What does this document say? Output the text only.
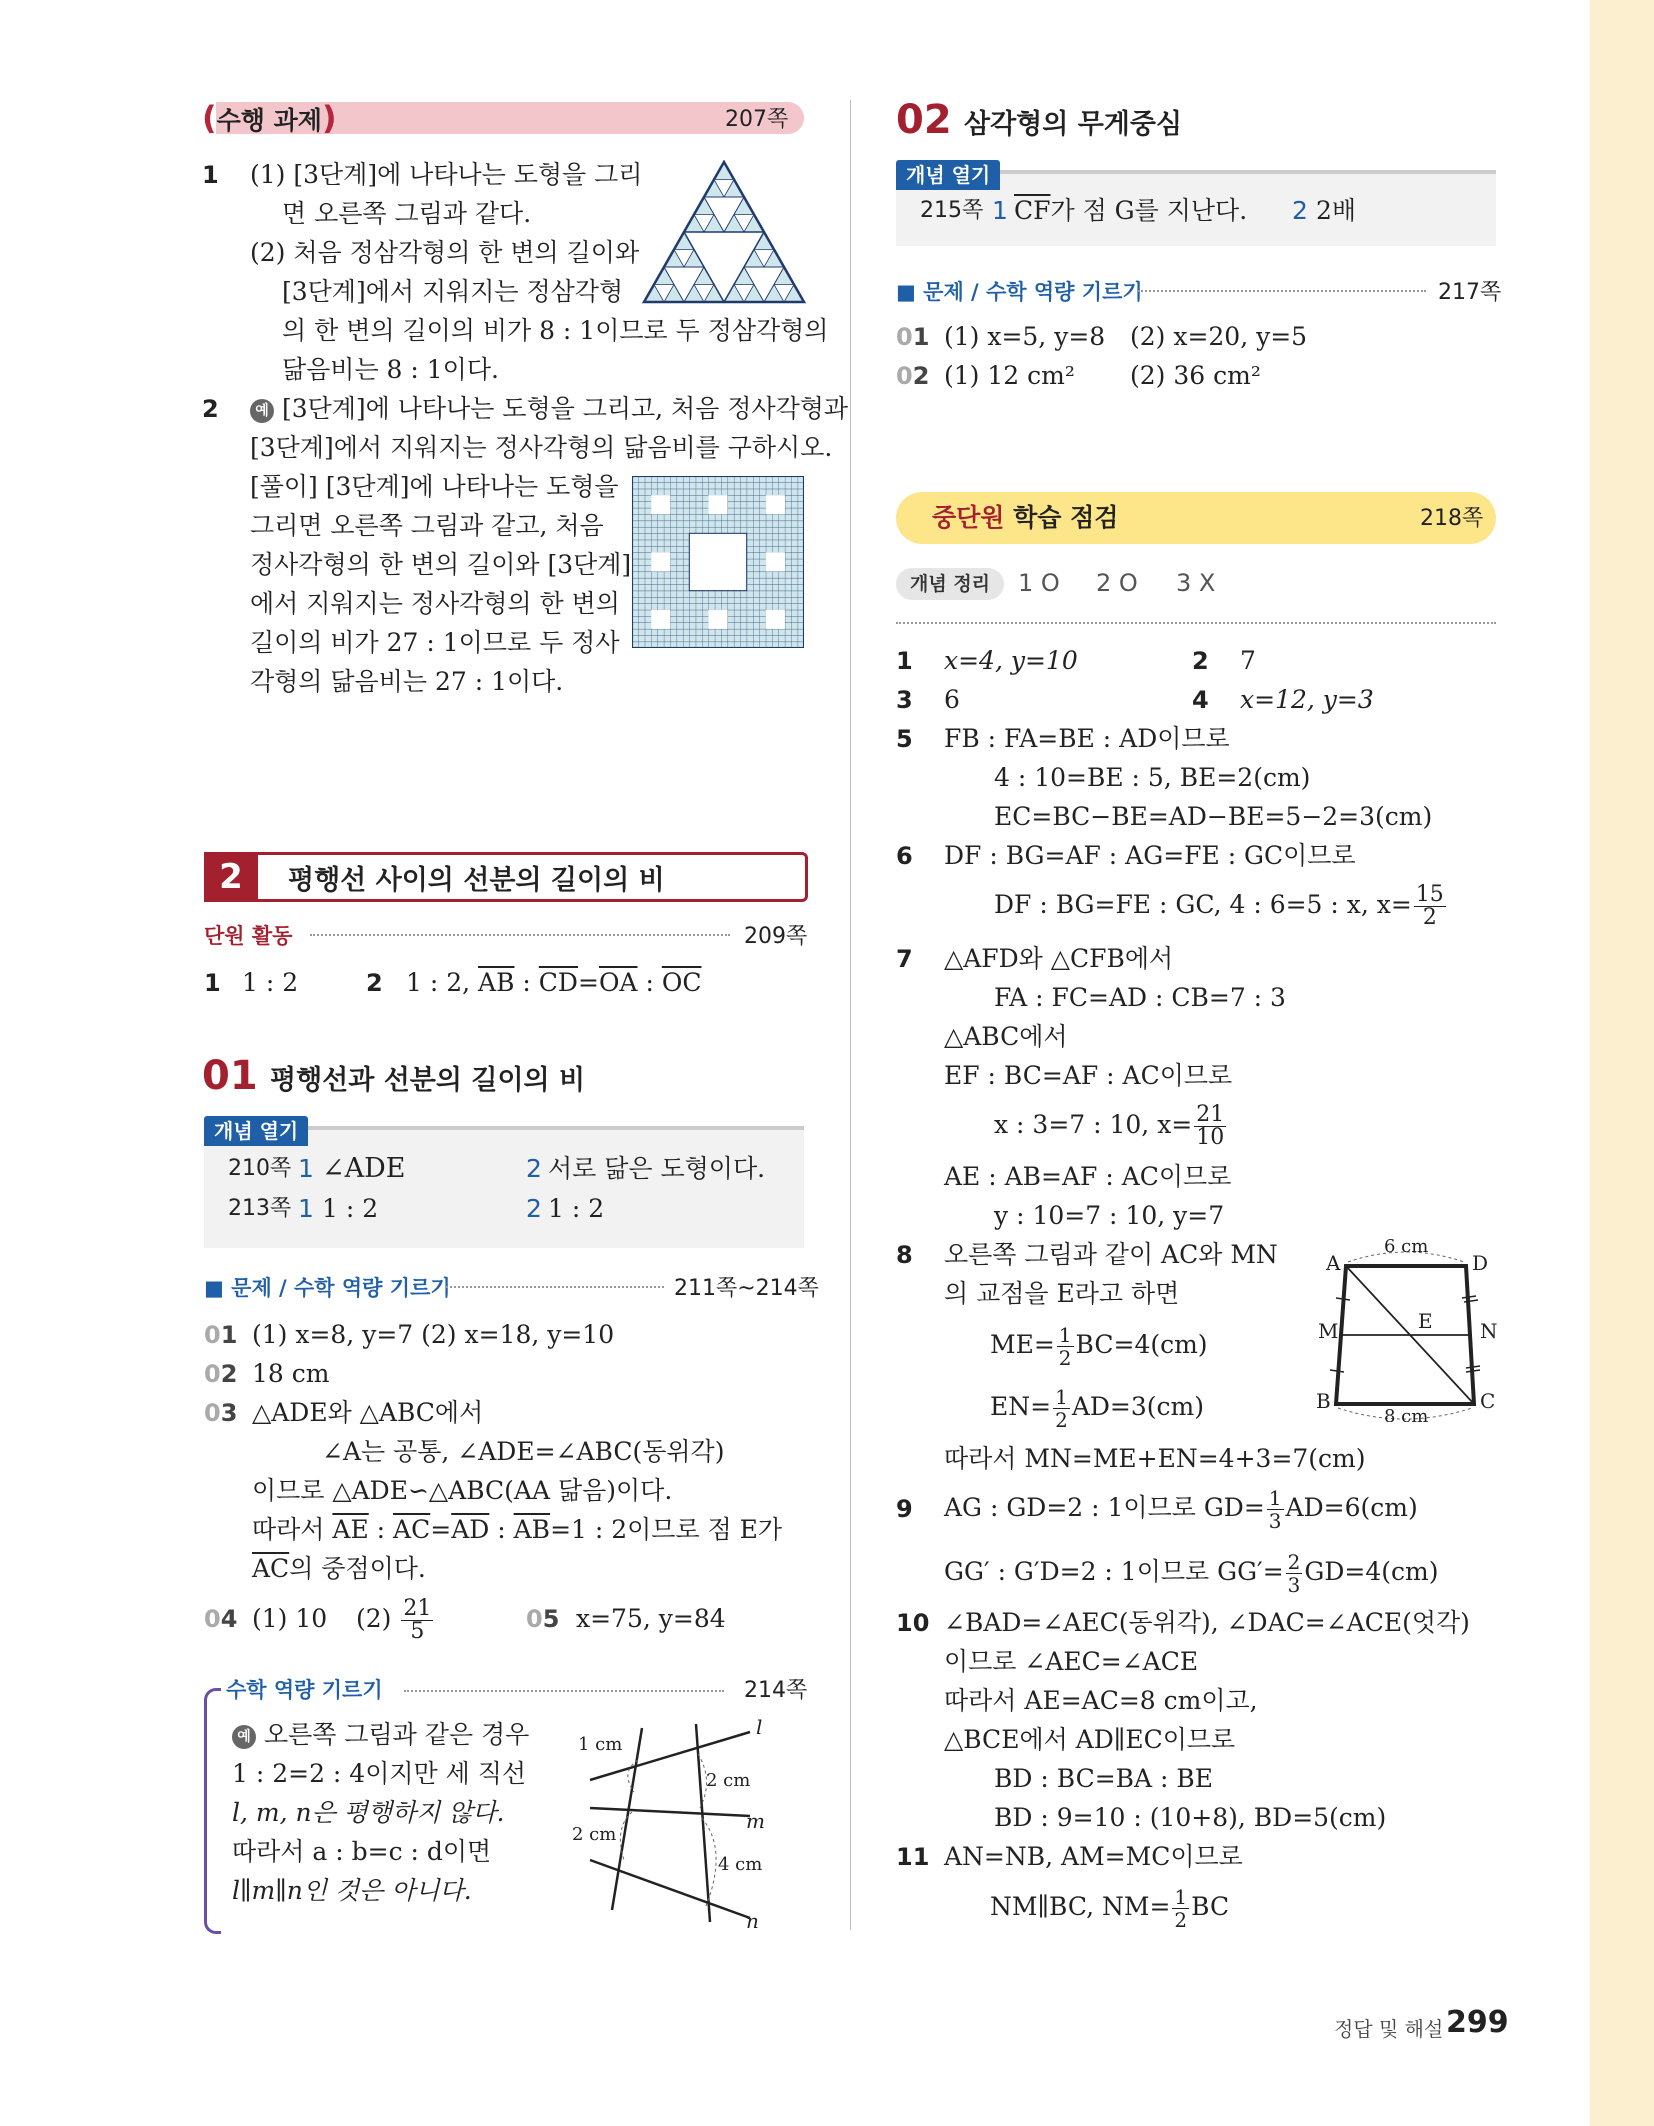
(수행 과제)	207쪽
1 (1) [3단계]에 나타나는 도형을 그리
면 오른쪽 그림과 같다.
(2) 처음 정삼각형의 한 변의 길이와
[3단계]에서 지워지는 정삼각형
의 한 변의 길이의 비가 8 : 1이므로 두 정삼각형의
닮음비는 8 : 1이다.
2	예 [3단계]에 나타나는 도형을 그리고, 처음 정사각형과
[3단계]에서 지워지는 정사각형의 닮음비를 구하시오.
[풀이] [3단계]에 나타나는 도형을
그리면 오른쪽 그림과 같고, 처음
정사각형의 한 변의 길이와 [3단계]
에서 지워지는 정사각형의 한 변의
길이의 비가 27 : 1이므로 두 정사
각형의 닮음비는 27 : 1이다.
2	평행선 사이의 선분의 길이의 비
단원 활동	209쪽
1 1 : 2	2 1 : 2, $\overline{AB}$ : $\overline{CD}=\overline{OA}$ : $\overline{OC}$
01 평행선과 선분의 길이의 비
개념 열기
210쪽 1 ∠ADE	2 서로 닮은 도형이다.
213쪽 1 1 : 2	2 1 : 2
■ 문제 / 수학 역량 기르기	211쪽~214쪽
01 (1) x=8, y=7 (2) x=18, y=10
02 18 cm
03 △ADE와 △ABC에서
∠A는 공통, ∠ADE=∠ABC(동위각)
이므로 △ADE∽△ABC(AA 닮음)이다.
따라서 $\overline{AE}$ : $\overline{AC}=\overline{AD}$ : $\overline{AB}=1$ : 2이므로 점 E가
$\overline{AC}$의 중점이다.
04 (1) 10 $(2) \frac{21}{5}$	05 x=75, y=84
수학 역량 기르기	214쪽
예 오른쪽 그림과 같은 경우
1 : 2=2 : 4이지만 세 직선
l, m, n은 평행하지 않다.
따라서 a : b=c : d이면
l∥m∥n인 것은 아니다.
l
m
n
1 cm
2 cm
2 cm
4 cm
02 삼각형의 무게중심
개념 열기
215쪽 1 $\overline{CF}$가 점 G를 지난다. 2 2배
■ 문제 / 수학 역량 기르기	217쪽
01 (1) x=5, y=8 (2) x=20, y=5
02 (1) 12 cm² (2) 36 cm²
중단원 학습 점검	218쪽
개념 정리	1 O 2 O 3 X
1 x=4, y=10	2 7
3 6	4 x=12, y=3
5 FB : FA=BE : AD이므로
4 : 10=BE : 5, BE=2(cm)
EC=BC−BE=AD−BE=5−2=3(cm)
6 DF : BG=AF : AG=FE : GC이므로
DF : BG=FE : GC, 4 : 6=5 : x, $x= \frac{15}{2}$
7 △AFD와 △CFB에서
FA : FC=AD : CB=7 : 3
△ABC에서
EF : BC=AF : AC이므로
x : 3=7 : 10, $x= \frac{21}{10}$
AE : AB=AF : AC이므로
y : 10=7 : 10, y=7
8 오른쪽 그림과 같이 AC와 MN
의 교점을 E라고 하면
$ME= \frac{1}{2} BC=4(cm)$
$EN= \frac{1}{2} AD=3(cm)$
따라서 MN=ME+EN=4+3=7(cm)
A	D
M	N
E
B	C
6 cm
8 cm
9 AG : GD=2 : 1이므로 $GD= \frac{1}{3} AD=6(cm)$
GG′ : G′D=2 : 1이므로 $GG'= \frac{2}{3} GD=4(cm)$
10 ∠BAD=∠AEC(동위각), ∠DAC=∠ACE(엇각)
이므로 ∠AEC=∠ACE
따라서 AE=AC=8 cm이고,
△BCE에서 AD∥EC이므로
BD : BC=BA : BE
BD : 9=10 : (10+8), BD=5(cm)
11 AN=NB, AM=MC이므로
NM∥BC, $NM= \frac{1}{2}$ BC
정답 및 해설 299
